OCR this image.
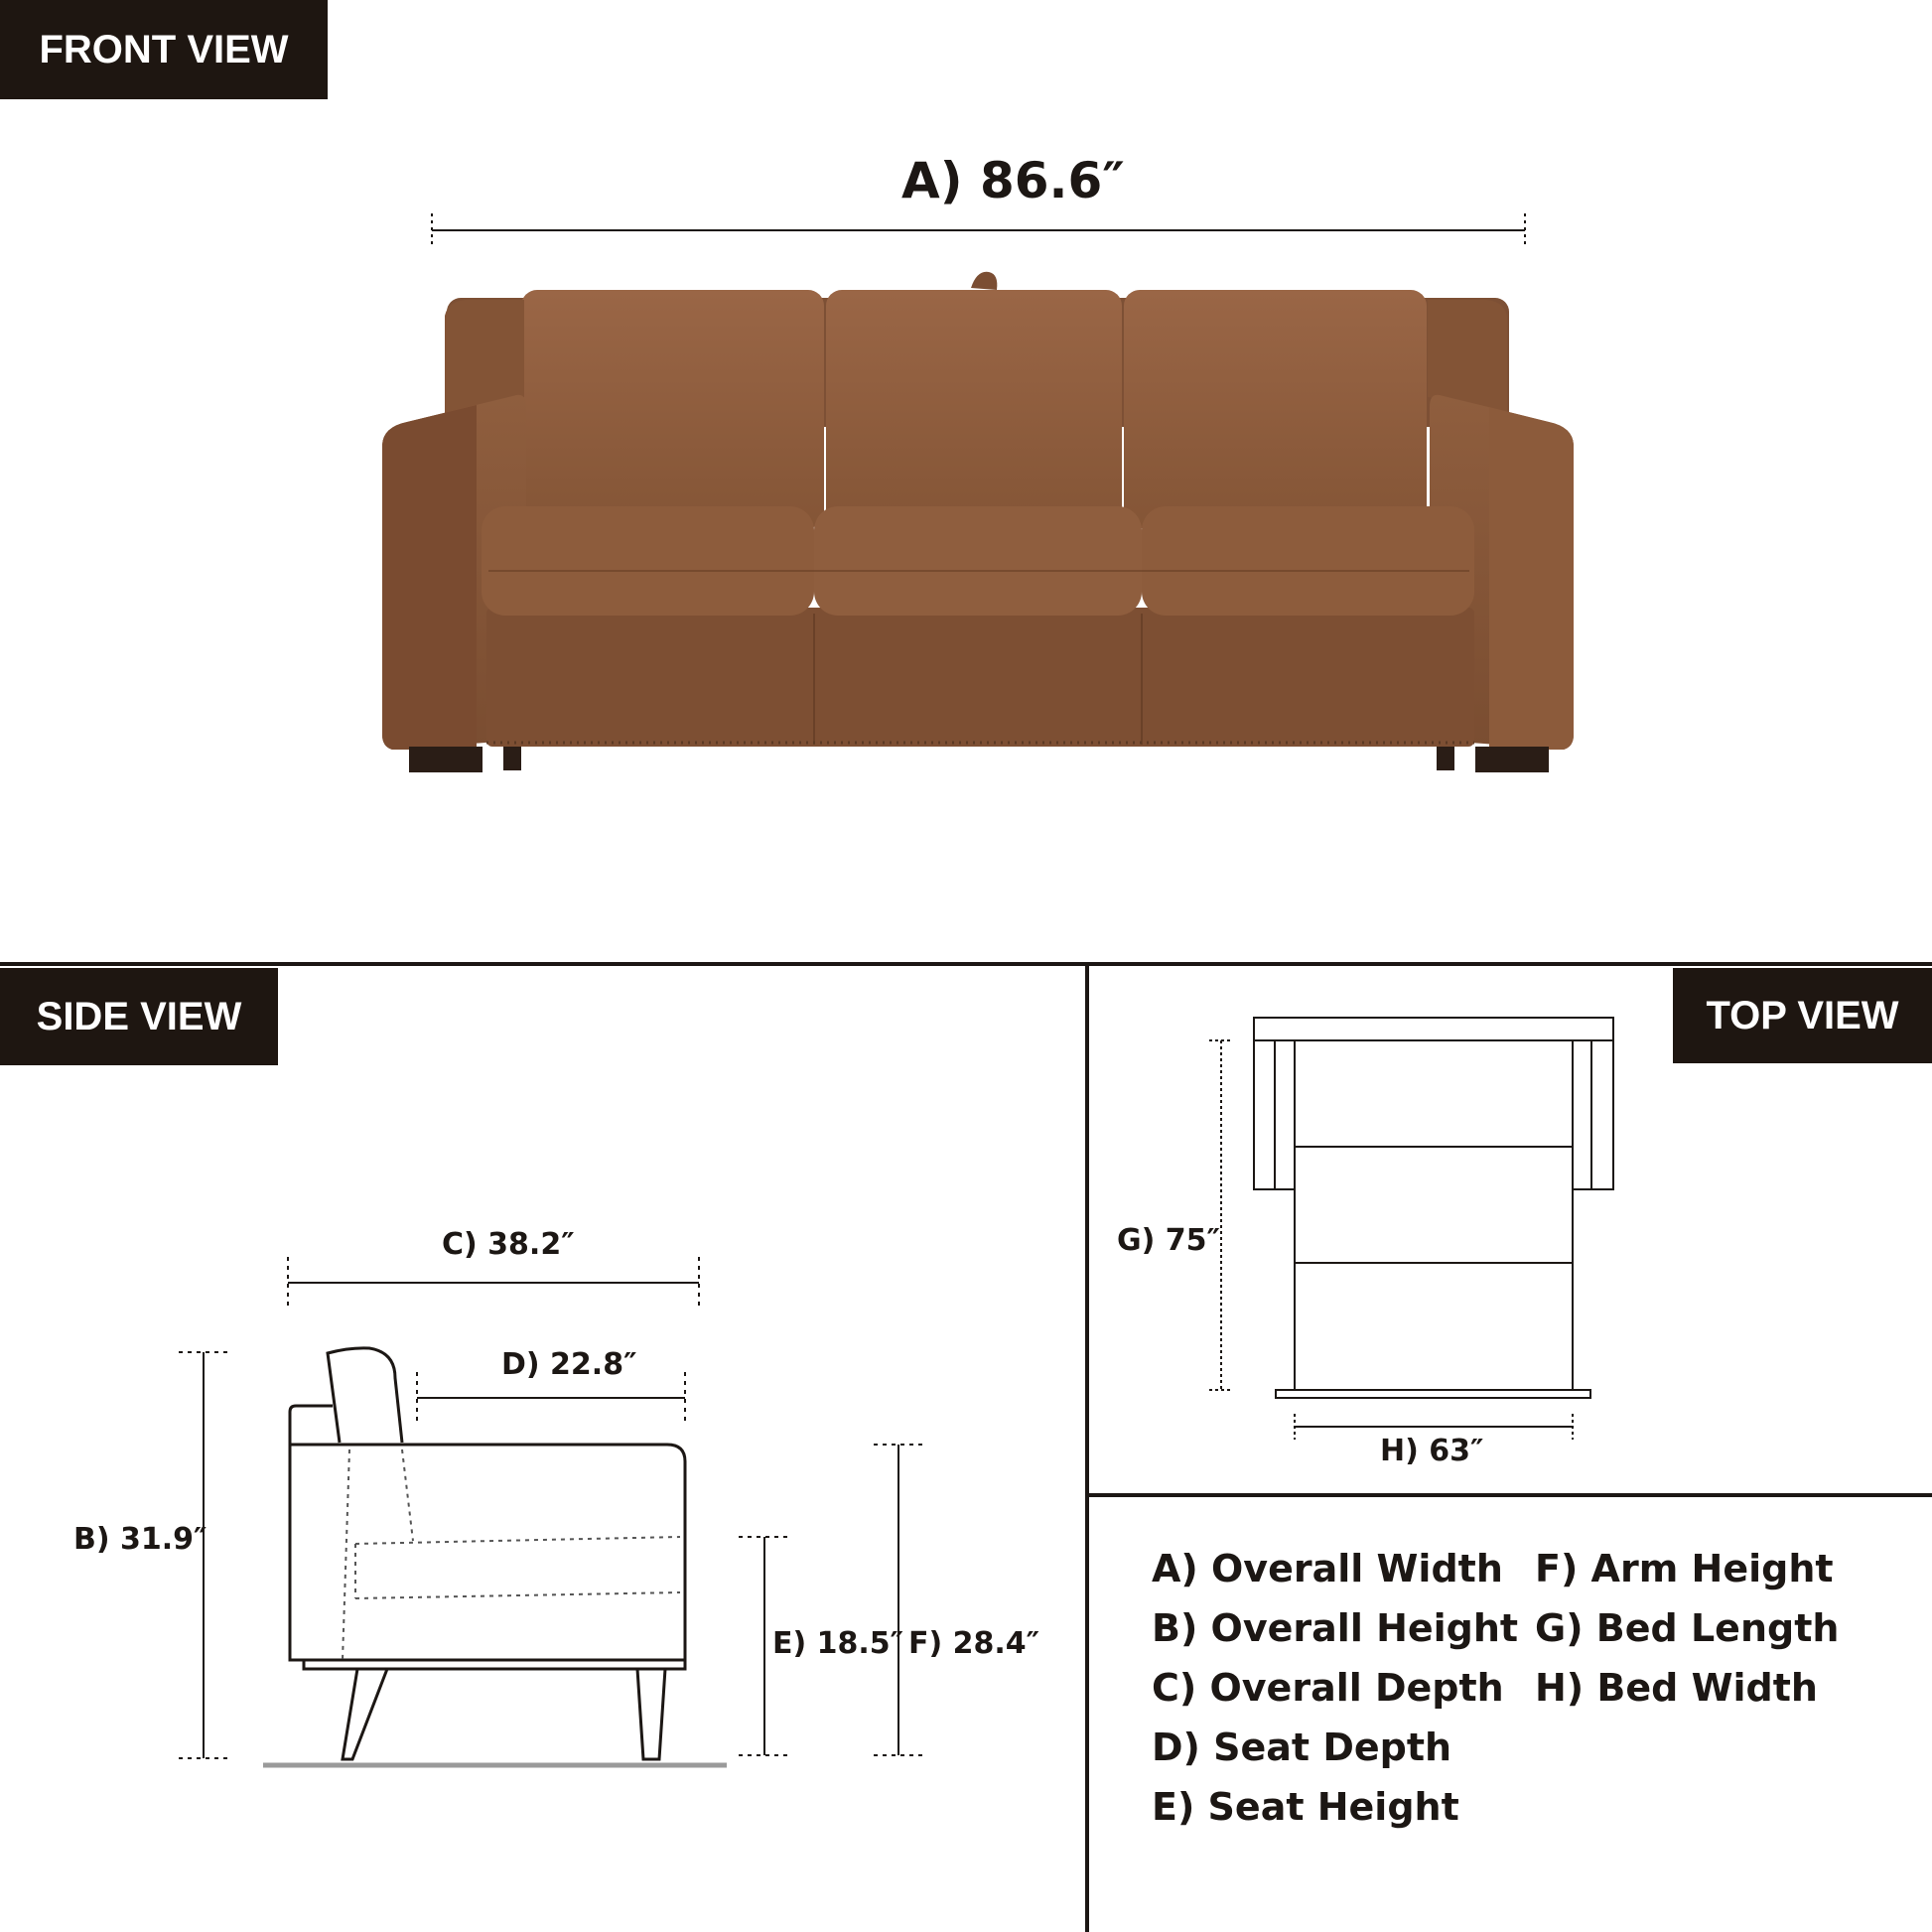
FRONT VIEW
SIDE VIEW	TOP VIEW
A) 86.6″
C) 38.2″
D) 22.8″
B) 31.9″
E) 18.5″ F) 28.4″
G) 75″
H) 63″
A) Overall Width
B) Overall Height
C) Overall Depth
D) Seat Depth
E) Seat Height
F) Arm Height
G) Bed Length
H) Bed Width
